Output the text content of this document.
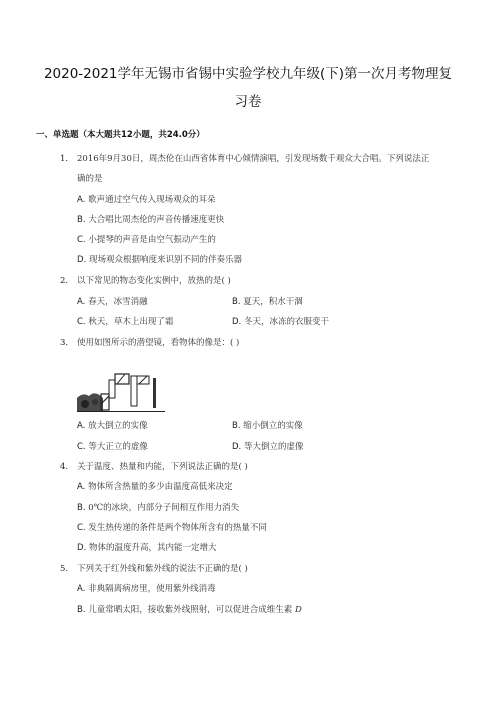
2020-2021学年无锡市省锡中实验学校九年级(下)第一次月考物理复
习卷
一、单选题（本大题共12小题，共24.0分）
1. 2016年9月30日，周杰伦在山西省体育中心倾情演唱，引发现场数千观众大合唱。下列说法正
确的是
A. 歌声通过空气传入现场观众的耳朵
B. 大合唱比周杰伦的声音传播速度更快
C. 小提琴的声音是由空气振动产生的
D. 现场观众根据响度来识别不同的伴奏乐器
2. 以下常见的物态变化实例中，放热的是( )
A. 春天，冰雪消融	B. 夏天，积水干涸
C. 秋天，草木上出现了霜	D. 冬天，冰冻的衣服变干
3. 使用如图所示的潜望镜，看物体的像是：( )
A. 放大倒立的实像	B. 缩小倒立的实像
C. 等大正立的虚像	D. 等大倒立的虚像
4. 关于温度、热量和内能，下列说法正确的是( )
A. 物体所含热量的多少由温度高低来决定
B. 0℃的冰块，内部分子间相互作用力消失
C. 发生热传递的条件是两个物体所含有的热量不同
D. 物体的温度升高，其内能一定增大
5. 下列关于红外线和紫外线的说法不正确的是( )
A. 非典隔离病房里，使用紫外线消毒
B. 儿童常晒太阳，接收紫外线照射，可以促进合成维生素 D
